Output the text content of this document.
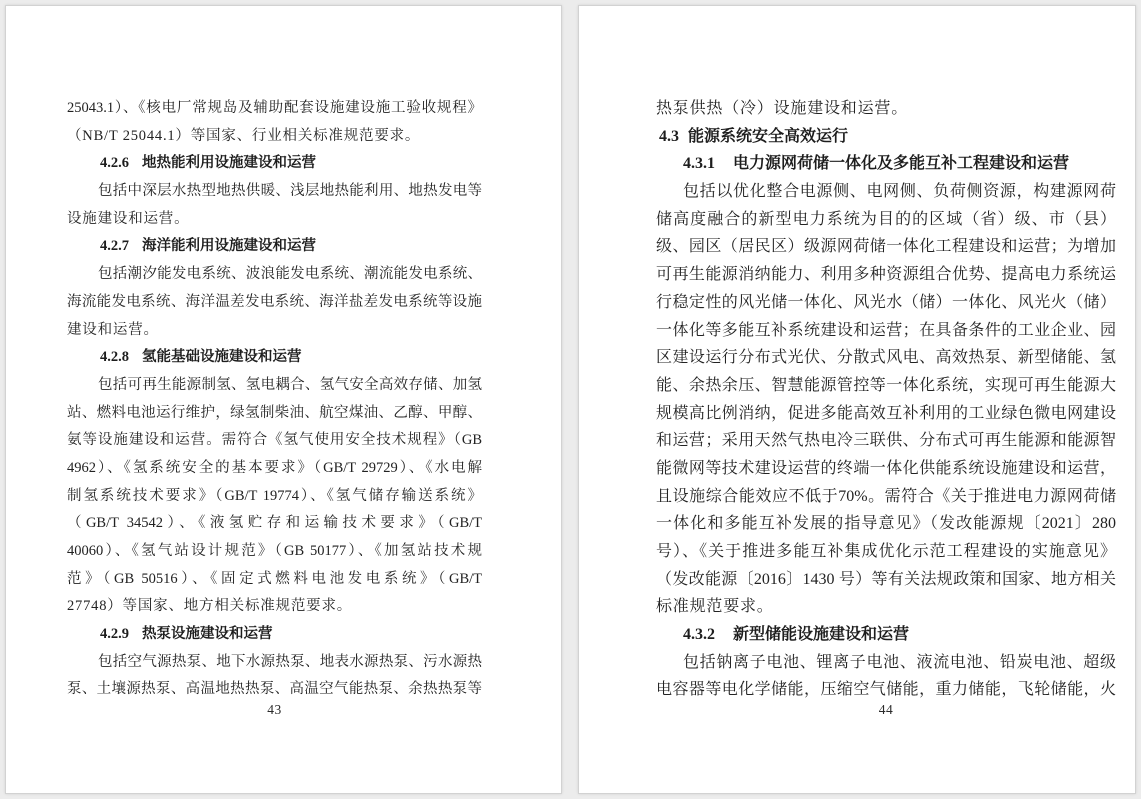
25043.1）、《核电厂常规岛及辅助配套设施建设施工验收规程》
（NB/T 25044.1）等国家、行业相关标准规范要求。
4.2.6 地热能利用设施建设和运营
包括中深层水热型地热供暖、浅层地热能利用、地热发电等
设施建设和运营。
4.2.7 海洋能利用设施建设和运营
包括潮汐能发电系统、波浪能发电系统、潮流能发电系统、
海流能发电系统、海洋温差发电系统、海洋盐差发电系统等设施
建设和运营。
4.2.8 氢能基础设施建设和运营
包括可再生能源制氢、氢电耦合、氢气安全高效存储、加氢
站、燃料电池运行维护，绿氢制柴油、航空煤油、乙醇、甲醇、
氨等设施建设和运营。需符合《氢气使用安全技术规程》（GB
4962）、《氢系统安全的基本要求》（GB/T 29729）、《水电解
制氢系统技术要求》（GB/T 19774）、《氢气储存输送系统》
（GB/T 34542）、《液氢贮存和运输技术要求》（GB/T
40060）、《氢气站设计规范》（GB 50177）、《加氢站技术规
范》（GB 50516）、《固定式燃料电池发电系统》（GB/T
27748）等国家、地方相关标准规范要求。
4.2.9 热泵设施建设和运营
包括空气源热泵、地下水源热泵、地表水源热泵、污水源热
泵、土壤源热泵、高温地热热泵、高温空气能热泵、余热热泵等
43
热泵供热（冷）设施建设和运营。
4.3 能源系统安全高效运行
4.3.1 电力源网荷储一体化及多能互补工程建设和运营
包括以优化整合电源侧、电网侧、负荷侧资源，构建源网荷
储高度融合的新型电力系统为目的的区域（省）级、市（县）
级、园区（居民区）级源网荷储一体化工程建设和运营；为增加
可再生能源消纳能力、利用多种资源组合优势、提高电力系统运
行稳定性的风光储一体化、风光水（储）一体化、风光火（储）
一体化等多能互补系统建设和运营；在具备条件的工业企业、园
区建设运行分布式光伏、分散式风电、高效热泵、新型储能、氢
能、余热余压、智慧能源管控等一体化系统，实现可再生能源大
规模高比例消纳，促进多能高效互补利用的工业绿色微电网建设
和运营；采用天然气热电冷三联供、分布式可再生能源和能源智
能微网等技术建设运营的终端一体化供能系统设施建设和运营，
且设施综合能效应不低于70%。需符合《关于推进电力源网荷储
一体化和多能互补发展的指导意见》（发改能源规〔2021〕280
号）、《关于推进多能互补集成优化示范工程建设的实施意见》
（发改能源〔2016〕1430 号）等有关法规政策和国家、地方相关
标准规范要求。
4.3.2 新型储能设施建设和运营
包括钠离子电池、锂离子电池、液流电池、铅炭电池、超级
电容器等电化学储能，压缩空气储能，重力储能，飞轮储能，火
44
